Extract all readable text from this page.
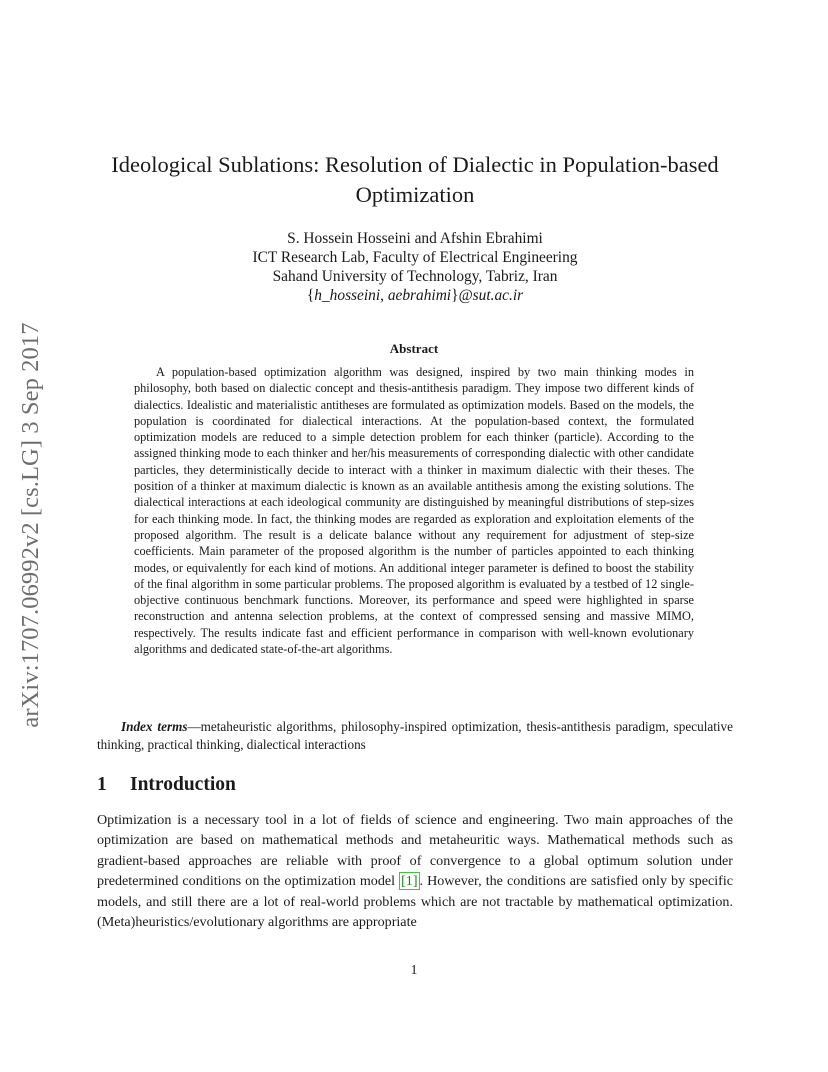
arXiv:1707.06992v2 [cs.LG] 3 Sep 2017
Ideological Sublations: Resolution of Dialectic in Population-based Optimization
S. Hossein Hosseini and Afshin Ebrahimi
ICT Research Lab, Faculty of Electrical Engineering
Sahand University of Technology, Tabriz, Iran
{h_hosseini, aebrahimi}@sut.ac.ir
Abstract
A population-based optimization algorithm was designed, inspired by two main thinking modes in philosophy, both based on dialectic concept and thesis-antithesis paradigm. They impose two different kinds of dialectics. Idealistic and materialistic antitheses are formulated as optimization models. Based on the models, the population is coordinated for dialectical interactions. At the population-based context, the formulated optimization models are reduced to a simple detection problem for each thinker (particle). According to the assigned thinking mode to each thinker and her/his measurements of corresponding dialectic with other candidate particles, they deterministically decide to interact with a thinker in maximum dialectic with their theses. The position of a thinker at maximum dialectic is known as an available antithesis among the existing solutions. The dialectical interactions at each ideological community are distinguished by meaningful distributions of step-sizes for each thinking mode. In fact, the thinking modes are regarded as exploration and exploitation elements of the proposed algorithm. The result is a delicate balance without any requirement for adjustment of step-size coefficients. Main parameter of the proposed algorithm is the number of particles appointed to each thinking modes, or equivalently for each kind of motions. An additional integer parameter is defined to boost the stability of the final algorithm in some particular problems. The proposed algorithm is evaluated by a testbed of 12 single-objective continuous benchmark functions. Moreover, its performance and speed were highlighted in sparse reconstruction and antenna selection problems, at the context of compressed sensing and massive MIMO, respectively. The results indicate fast and efficient performance in comparison with well-known evolutionary algorithms and dedicated state-of-the-art algorithms.
Index terms—metaheuristic algorithms, philosophy-inspired optimization, thesis-antithesis paradigm, speculative thinking, practical thinking, dialectical interactions
1 Introduction
Optimization is a necessary tool in a lot of fields of science and engineering. Two main approaches of the optimization are based on mathematical methods and metaheuritic ways. Mathematical methods such as gradient-based approaches are reliable with proof of convergence to a global optimum solution under predetermined conditions on the optimization model [1] . However, the conditions are satisfied only by specific models, and still there are a lot of real-world problems which are not tractable by mathematical optimization. (Meta)heuristics/evolutionary algorithms are appropriate
1
